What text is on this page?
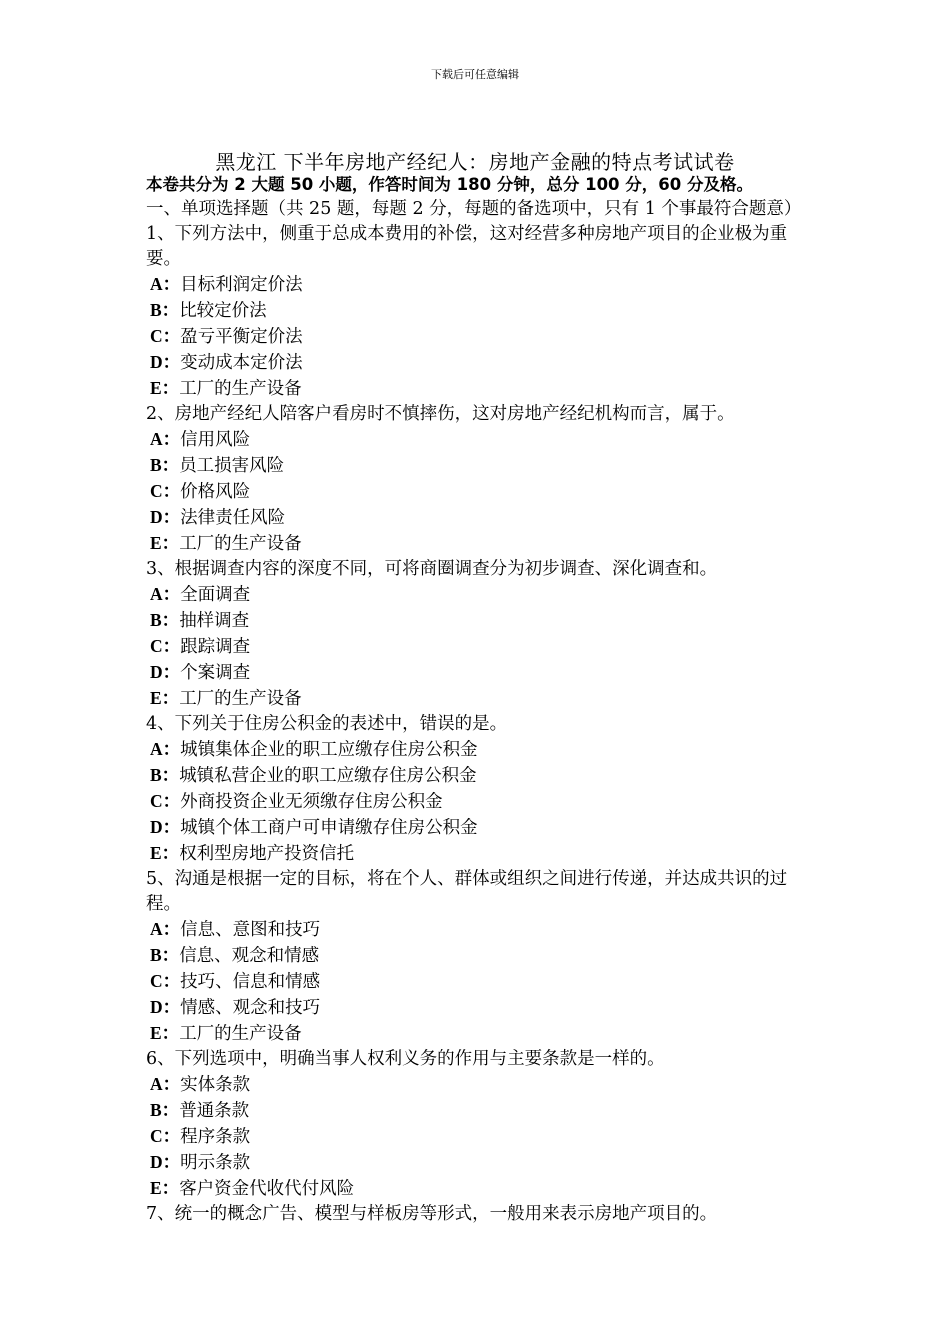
下载后可任意编辑
黑龙江 下半年房地产经纪人：房地产金融的特点考试试卷
本卷共分为 2 大题 50 小题，作答时间为 180 分钟，总分 100 分，60 分及格。
一、单项选择题（共 25 题，每题 2 分，每题的备选项中，只有 1 个事最符合题意）
1、下列方法中，侧重于总成本费用的补偿，这对经营多种房地产项目的企业极为重要。
A：目标利润定价法
B：比较定价法
C：盈亏平衡定价法
D：变动成本定价法
E：工厂的生产设备
2、房地产经纪人陪客户看房时不慎摔伤，这对房地产经纪机构而言，属于。
A：信用风险
B：员工损害风险
C：价格风险
D：法律责任风险
E：工厂的生产设备
3、根据调查内容的深度不同，可将商圈调查分为初步调查、深化调查和。
A：全面调查
B：抽样调查
C：跟踪调查
D：个案调查
E：工厂的生产设备
4、下列关于住房公积金的表述中，错误的是。
A：城镇集体企业的职工应缴存住房公积金
B：城镇私营企业的职工应缴存住房公积金
C：外商投资企业无须缴存住房公积金
D：城镇个体工商户可申请缴存住房公积金
E：权利型房地产投资信托
5、沟通是根据一定的目标，将在个人、群体或组织之间进行传递，并达成共识的过程。
A：信息、意图和技巧
B：信息、观念和情感
C：技巧、信息和情感
D：情感、观念和技巧
E：工厂的生产设备
6、下列选项中，明确当事人权利义务的作用与主要条款是一样的。
A：实体条款
B：普通条款
C：程序条款
D：明示条款
E：客户资金代收代付风险
7、统一的概念广告、模型与样板房等形式，一般用来表示房地产项目的。
